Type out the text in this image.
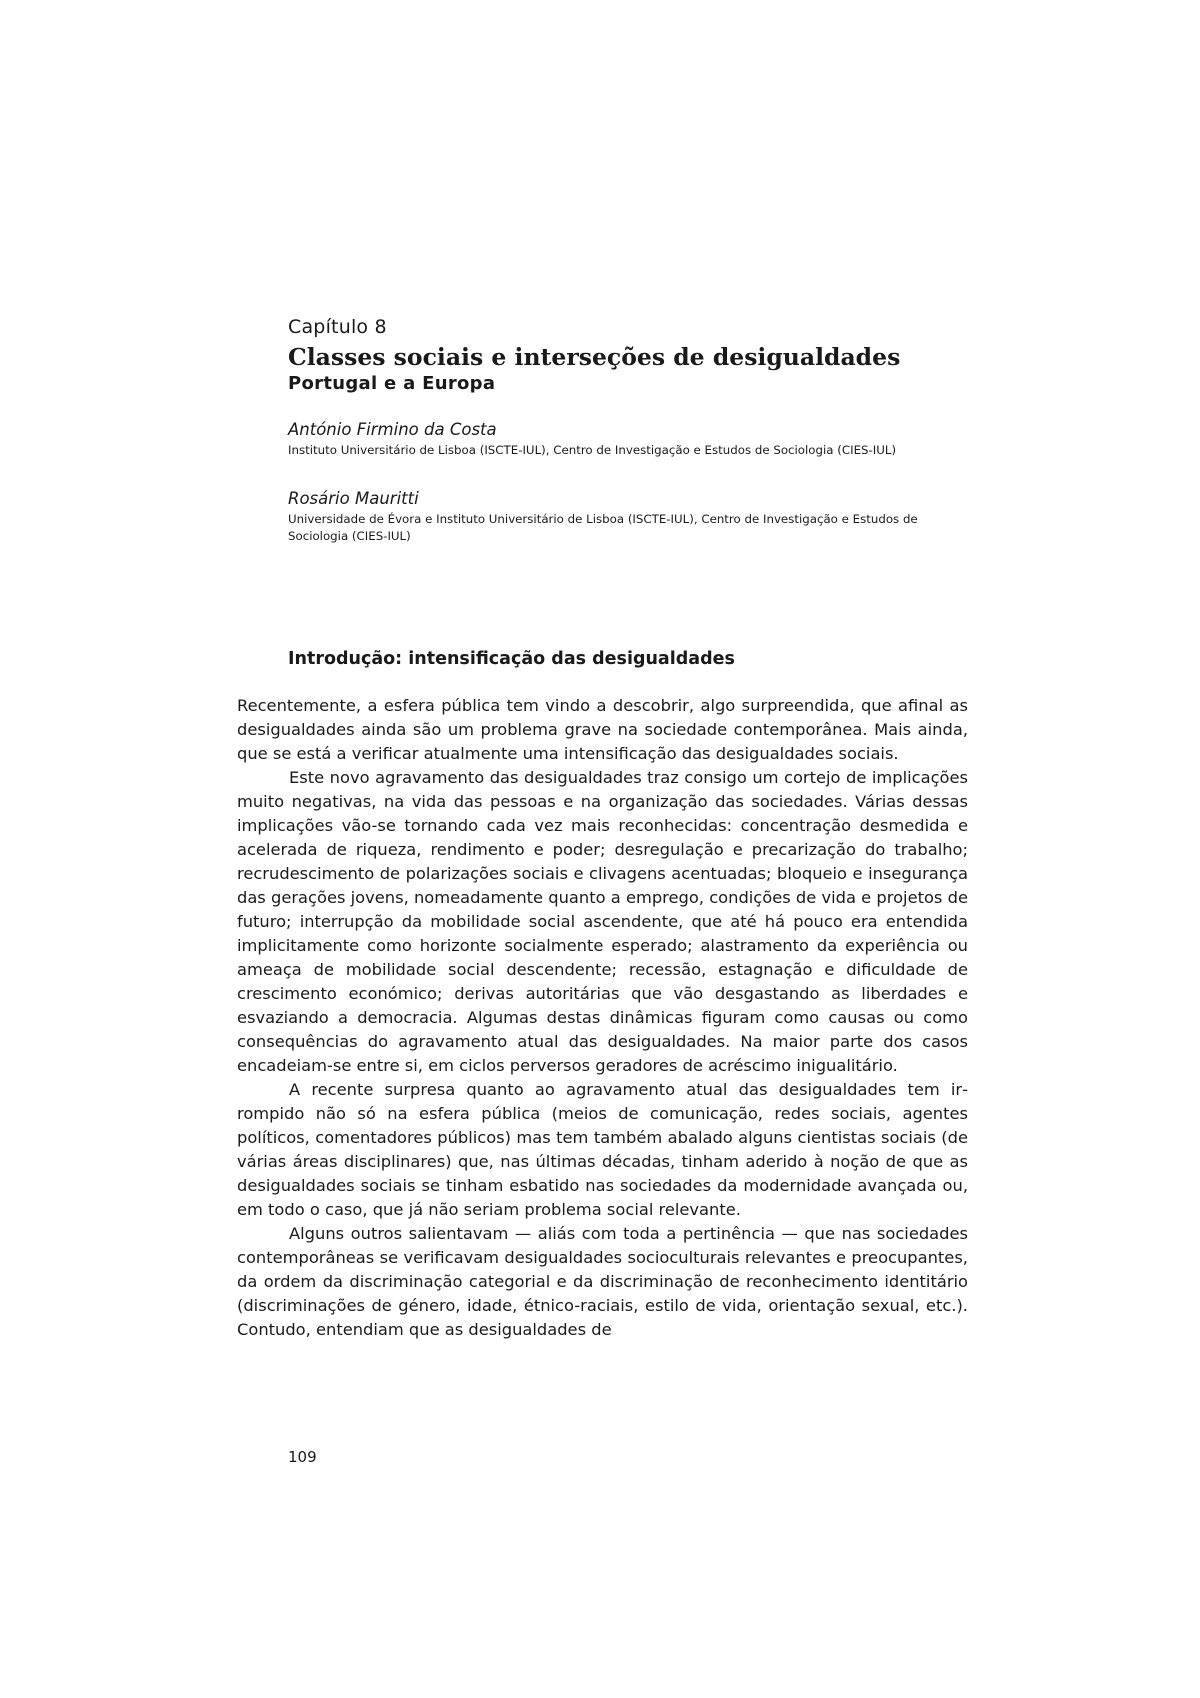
Capítulo 8
Classes sociais e interseções de desigualdades
Portugal e a Europa
António Firmino da Costa
Instituto Universitário de Lisboa (ISCTE-IUL), Centro de Investigação e Estudos de Sociologia (CIES-IUL)
Rosário Mauritti
Universidade de Évora e Instituto Universitário de Lisboa (ISCTE-IUL), Centro de Investigação e Estudos de Sociologia (CIES-IUL)
Introdução: intensificação das desigualdades

Recentemente, a esfera pública tem vindo a descobrir, algo surpreendida, que afinal as desigualdades ainda são um problema grave na sociedade contemporânea. Mais ainda, que se está a verificar atualmente uma intensificação das desigualdades sociais.

Este novo agravamento das desigualdades traz consigo um cortejo de implicações muito negativas, na vida das pessoas e na organização das sociedades. Várias dessas implicações vão-se tornando cada vez mais reconhecidas: concentração desmedida e acelerada de riqueza, rendimento e poder; desregulação e precarização do trabalho; recrudescimento de polarizações sociais e clivagens acentuadas; bloqueio e insegurança das gerações jovens, nomeadamente quanto a emprego, condições de vida e projetos de futuro; interrupção da mobilidade social ascendente, que até há pouco era entendida implicitamente como horizonte socialmente esperado; alastramento da experiência ou ameaça de mobilidade social descendente; recessão, estagnação e dificuldade de crescimento económico; derivas autoritárias que vão desgastando as liberdades e esvaziando a democracia. Algumas destas dinâmicas figuram como causas ou como consequências do agravamento atual das desigualdades. Na maior parte dos casos encadeiam-se entre si, em ciclos perversos geradores de acréscimo inigualitário.

A recente surpresa quanto ao agravamento atual das desigualdades tem irrompido não só na esfera pública (meios de comunicação, redes sociais, agentes políticos, comentadores públicos) mas tem também abalado alguns cientistas sociais (de várias áreas disciplinares) que, nas últimas décadas, tinham aderido à noção de que as desigualdades sociais se tinham esbatido nas sociedades da modernidade avançada ou, em todo o caso, que já não seriam problema social relevante.

Alguns outros salientavam — aliás com toda a pertinência — que nas sociedades contemporâneas se verificavam desigualdades socioculturais relevantes e preocupantes, da ordem da discriminação categorial e da discriminação de reconhecimento identitário (discriminações de género, idade, étnico-raciais, estilo de vida, orientação sexual, etc.). Contudo, entendiam que as desigualdades de

109
